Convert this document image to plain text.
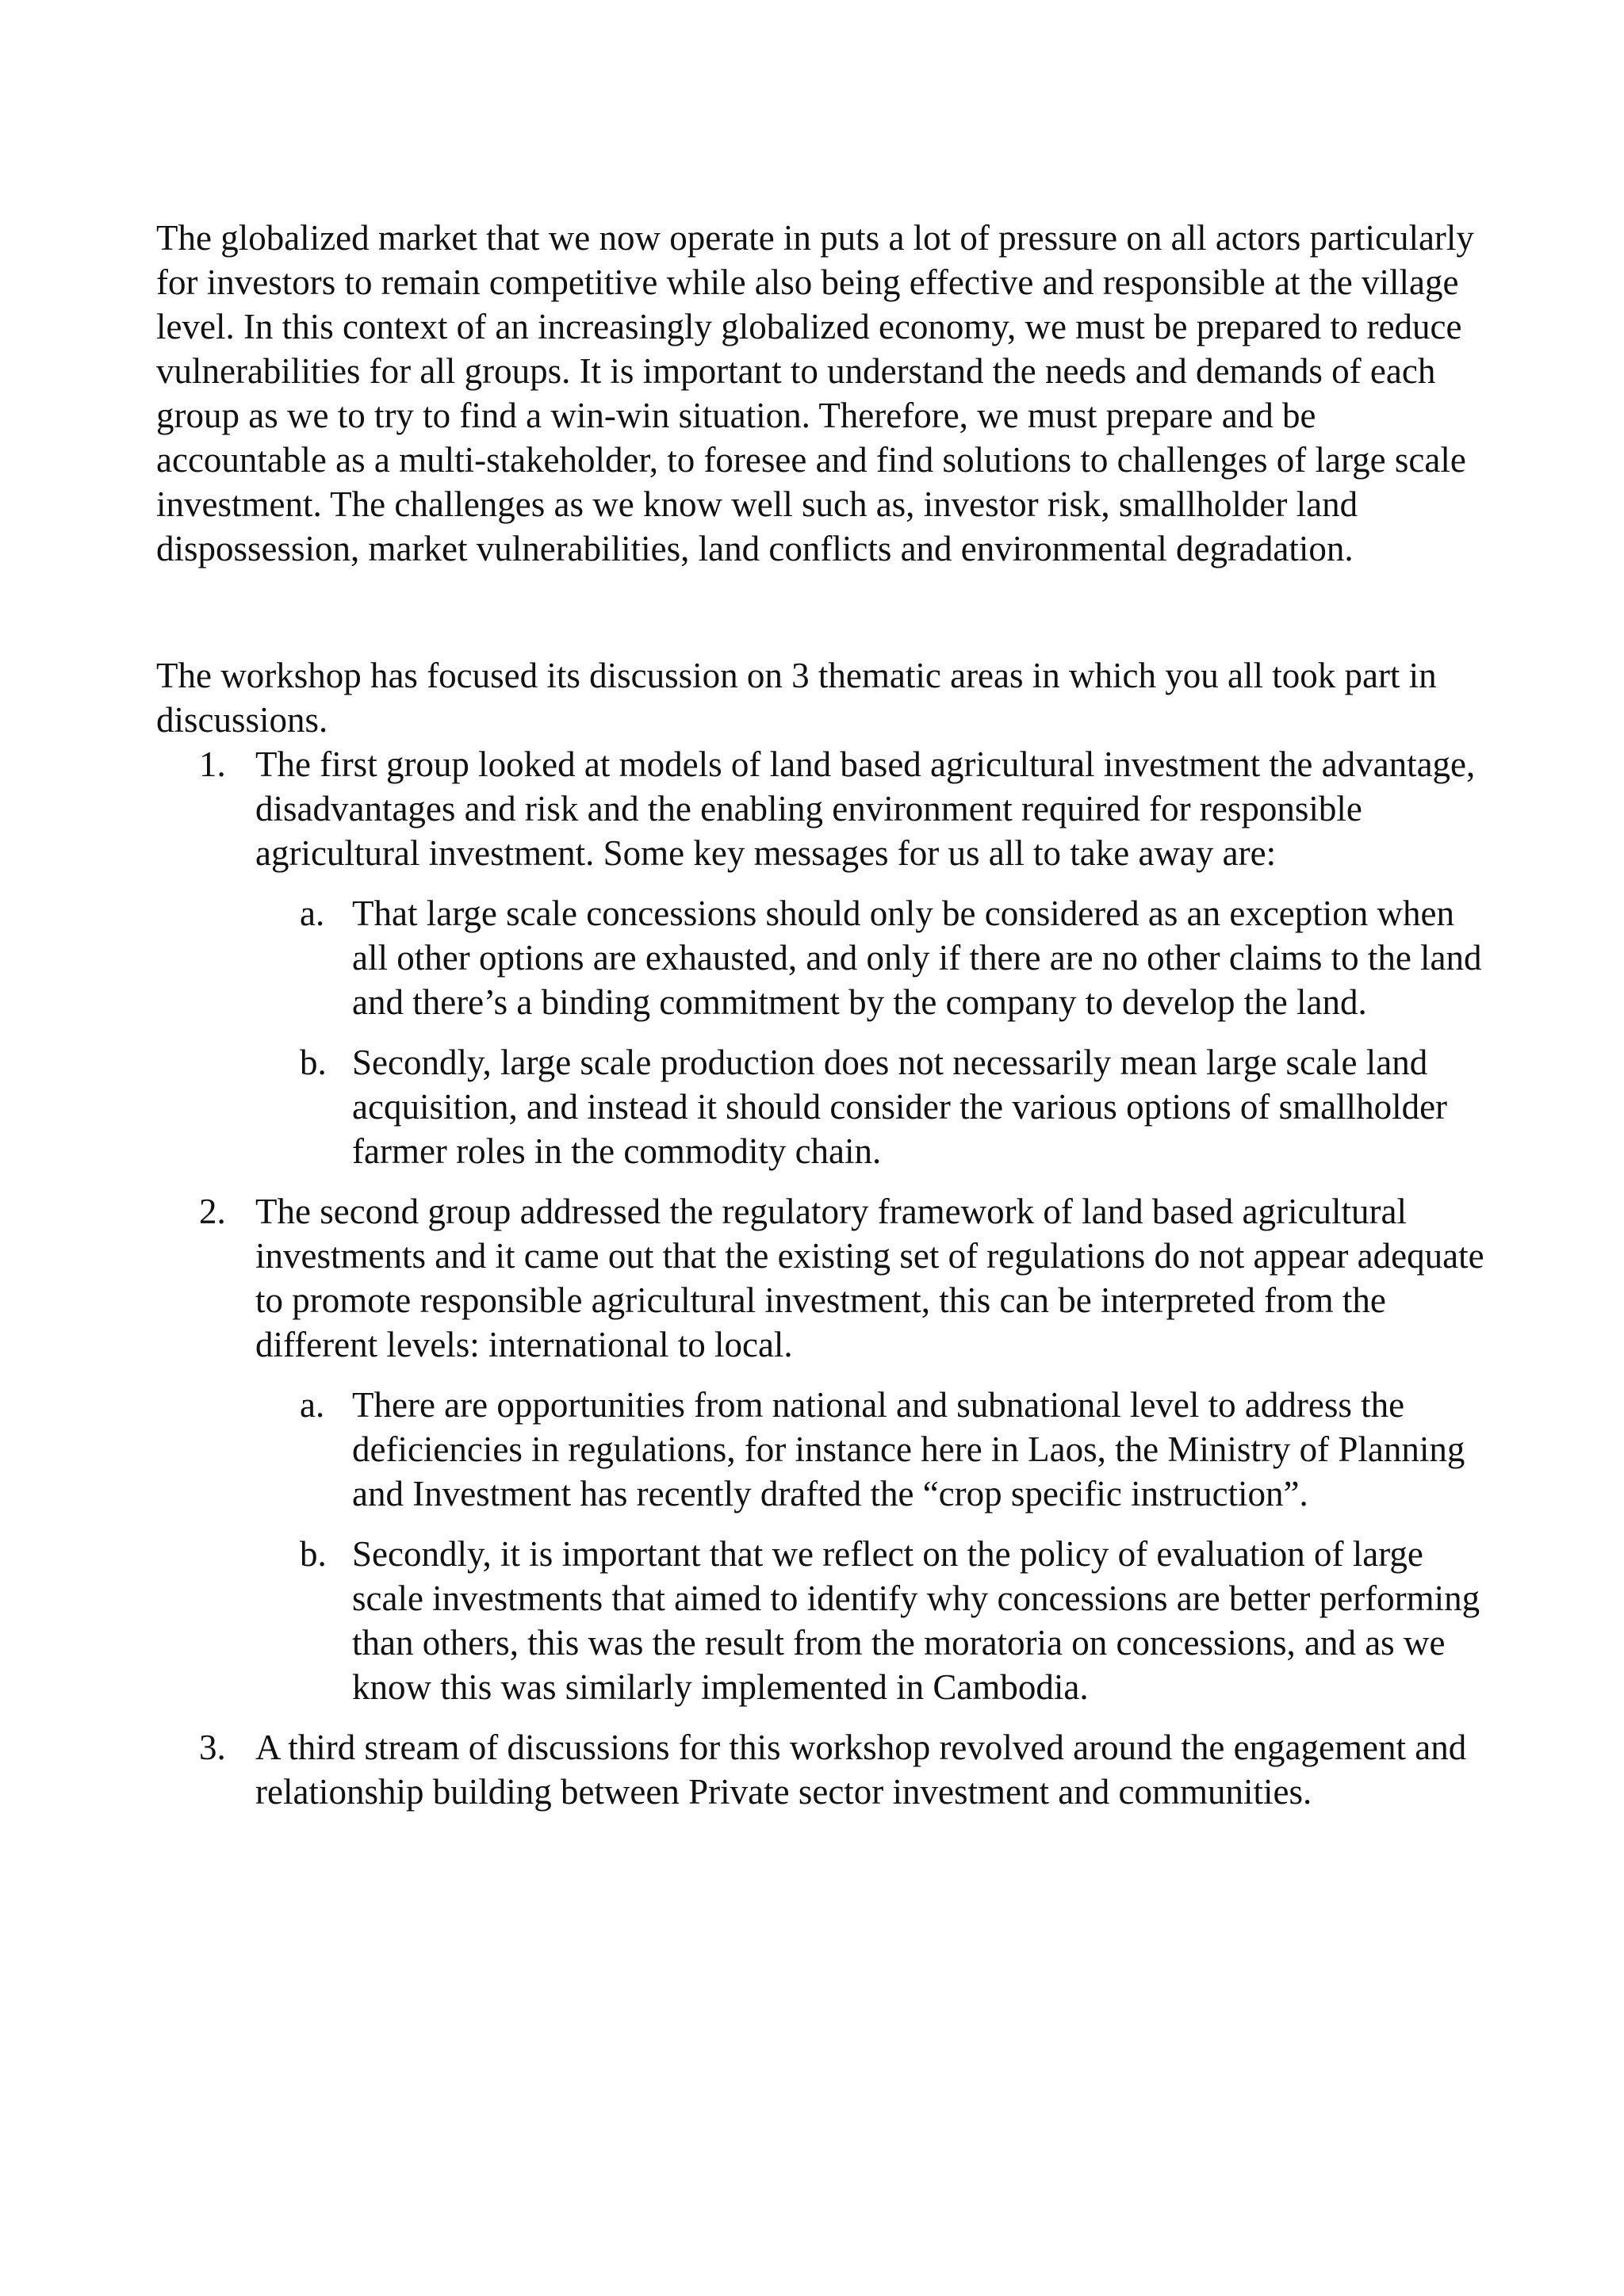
The globalized market that we now operate in puts a lot of pressure on all actors particularly for investors to remain competitive while also being effective and responsible at the village level. In this context of an increasingly globalized economy, we must be prepared to reduce vulnerabilities for all groups. It is important to understand the needs and demands of each group as we to try to find a win-win situation. Therefore, we must prepare and be accountable as a multi-stakeholder, to foresee and find solutions to challenges of large scale investment. The challenges as we know well such as, investor risk, smallholder land dispossession, market vulnerabilities, land conflicts and environmental degradation.

The workshop has focused its discussion on 3 thematic areas in which you all took part in discussions.

1. The first group looked at models of land based agricultural investment the advantage, disadvantages and risk and the enabling environment required for responsible agricultural investment. Some key messages for us all to take away are:
a. That large scale concessions should only be considered as an exception when all other options are exhausted, and only if there are no other claims to the land and there’s a binding commitment by the company to develop the land.
b. Secondly, large scale production does not necessarily mean large scale land acquisition, and instead it should consider the various options of smallholder farmer roles in the commodity chain.
2. The second group addressed the regulatory framework of land based agricultural investments and it came out that the existing set of regulations do not appear adequate to promote responsible agricultural investment, this can be interpreted from the different levels: international to local.
a. There are opportunities from national and subnational level to address the deficiencies in regulations, for instance here in Laos, the Ministry of Planning and Investment has recently drafted the “crop specific instruction”.
b. Secondly, it is important that we reflect on the policy of evaluation of large scale investments that aimed to identify why concessions are better performing than others, this was the result from the moratoria on concessions, and as we know this was similarly implemented in Cambodia.
3. A third stream of discussions for this workshop revolved around the engagement and relationship building between Private sector investment and communities.
